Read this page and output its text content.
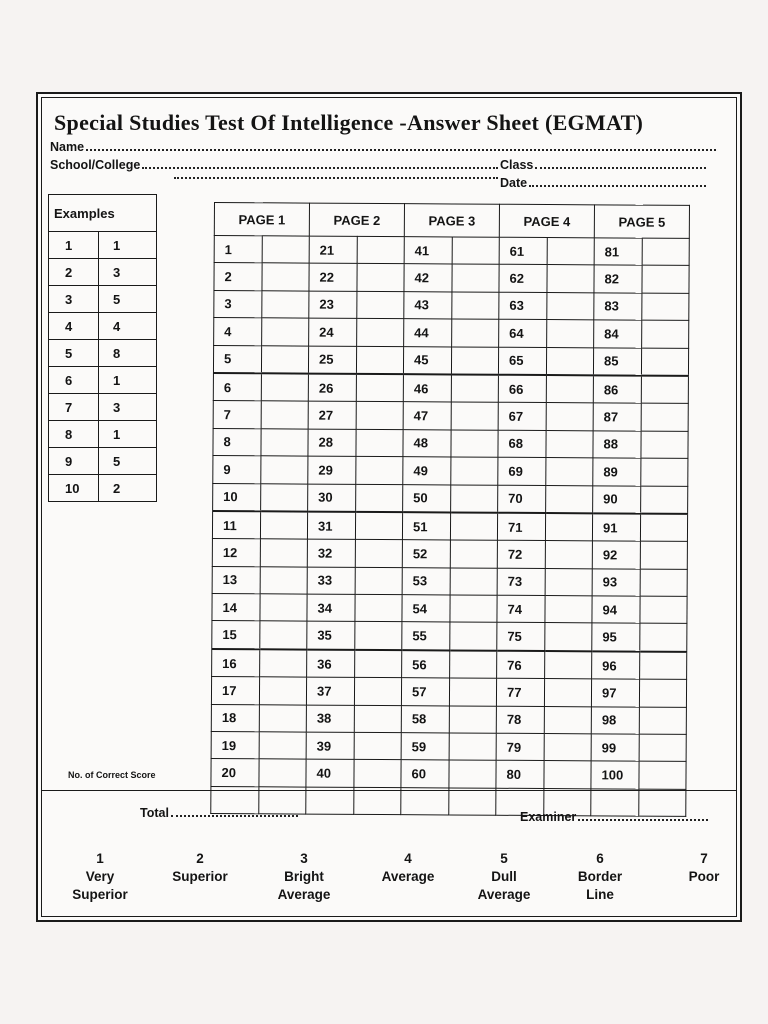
Special Studies Test Of Intelligence -Answer Sheet (EGMAT)
Name
School/College	Class
Date
Examples	
1	1
2	3
3	5
4	4
5	8
6	1
7	3
8	1
9	5
10	2
PAGE 1		PAGE 2		PAGE 3		PAGE 4		PAGE 5	
1		21		41		61		81	
2		22		42		62		82	
3		23		43		63		83	
4		24		44		64		84	
5		25		45		65		85	
6		26		46		66		86	
7		27		47		67		87	
8		28		48		68		88	
9		29		49		69		89	
10		30		50		70		90	
11		31		51		71		91	
12		32		52		72		92	
13		33		53		73		93	
14		34		54		74		94	
15		35		55		75		95	
16		36		56		76		96	
17		37		57		77		97	
18		38		58		78		98	
19		39		59		79		99	
20		40		60		80		100	

No. of Correct Score
Total	Examiner
1
Very
Superior
2
Superior
3
Bright
Average
4
Average
5
Dull
Average
6
Border
Line
7
Poor
